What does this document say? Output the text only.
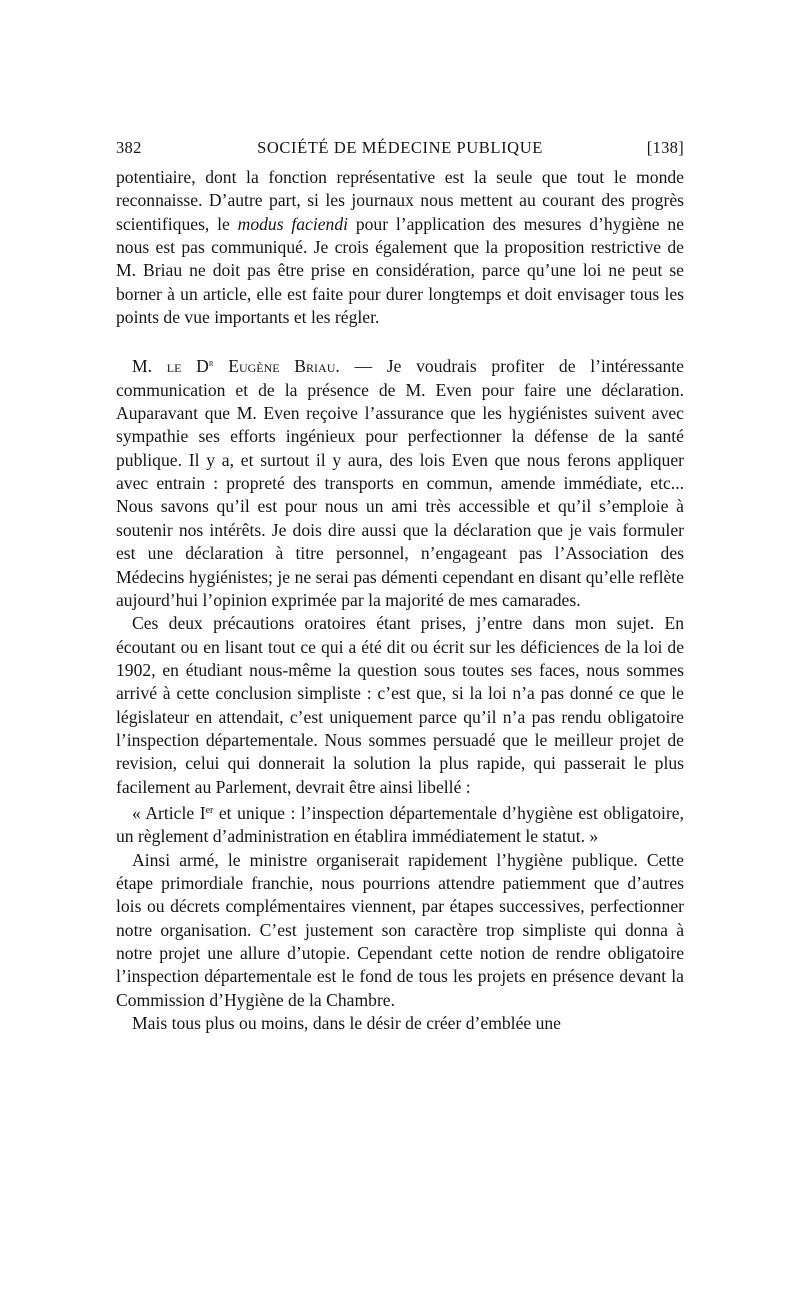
382	SOCIÉTÉ DE MÉDECINE PUBLIQUE	[138]

potentiaire, dont la fonction représentative est la seule que tout le monde reconnaisse. D’autre part, si les journaux nous mettent au courant des progrès scientifiques, le modus faciendi pour l’application des mesures d’hygiène ne nous est pas communiqué. Je crois également que la proposition restrictive de M. Briau ne doit pas être prise en considération, parce qu’une loi ne peut se borner à un article, elle est faite pour durer longtemps et doit envisager tous les points de vue importants et les régler.

M. le $D^r$ Eugène Briau. — Je voudrais profiter de l’intéressante communication et de la présence de M. Even pour faire une déclaration. Auparavant que M. Even reçoive l’assurance que les hygiénistes suivent avec sympathie ses efforts ingénieux pour perfectionner la défense de la santé publique. Il y a, et surtout il y aura, des lois Even que nous ferons appliquer avec entrain : propreté des transports en commun, amende immédiate, etc... Nous savons qu’il est pour nous un ami très accessible et qu’il s’emploie à soutenir nos intérêts. Je dois dire aussi que la déclaration que je vais formuler est une déclaration à titre personnel, n’engageant pas l’Association des Médecins hygiénistes; je ne serai pas démenti cependant en disant qu’elle reflète aujourd’hui l’opinion exprimée par la majorité de mes camarades.

Ces deux précautions oratoires étant prises, j’entre dans mon sujet. En écoutant ou en lisant tout ce qui a été dit ou écrit sur les déficiences de la loi de 1902, en étudiant nous-même la question sous toutes ses faces, nous sommes arrivé à cette conclusion simpliste : c’est que, si la loi n’a pas donné ce que le législateur en attendait, c’est uniquement parce qu’il n’a pas rendu obligatoire l’inspection départementale. Nous sommes persuadé que le meilleur projet de revision, celui qui donnerait la solution la plus rapide, qui passerait le plus facilement au Parlement, devrait être ainsi libellé :

« Article Ier et unique : l’inspection départementale d’hygiène est obligatoire, un règlement d’administration en établira immédiatement le statut. »

Ainsi armé, le ministre organiserait rapidement l’hygiène publique. Cette étape primordiale franchie, nous pourrions attendre patiemment que d’autres lois ou décrets complémentaires viennent, par étapes successives, perfectionner notre organisation. C’est justement son caractère trop simpliste qui donna à notre projet une allure d’utopie. Cependant cette notion de rendre obligatoire l’inspection départementale est le fond de tous les projets en présence devant la Commission d’Hygiène de la Chambre.

Mais tous plus ou moins, dans le désir de créer d’emblée une
